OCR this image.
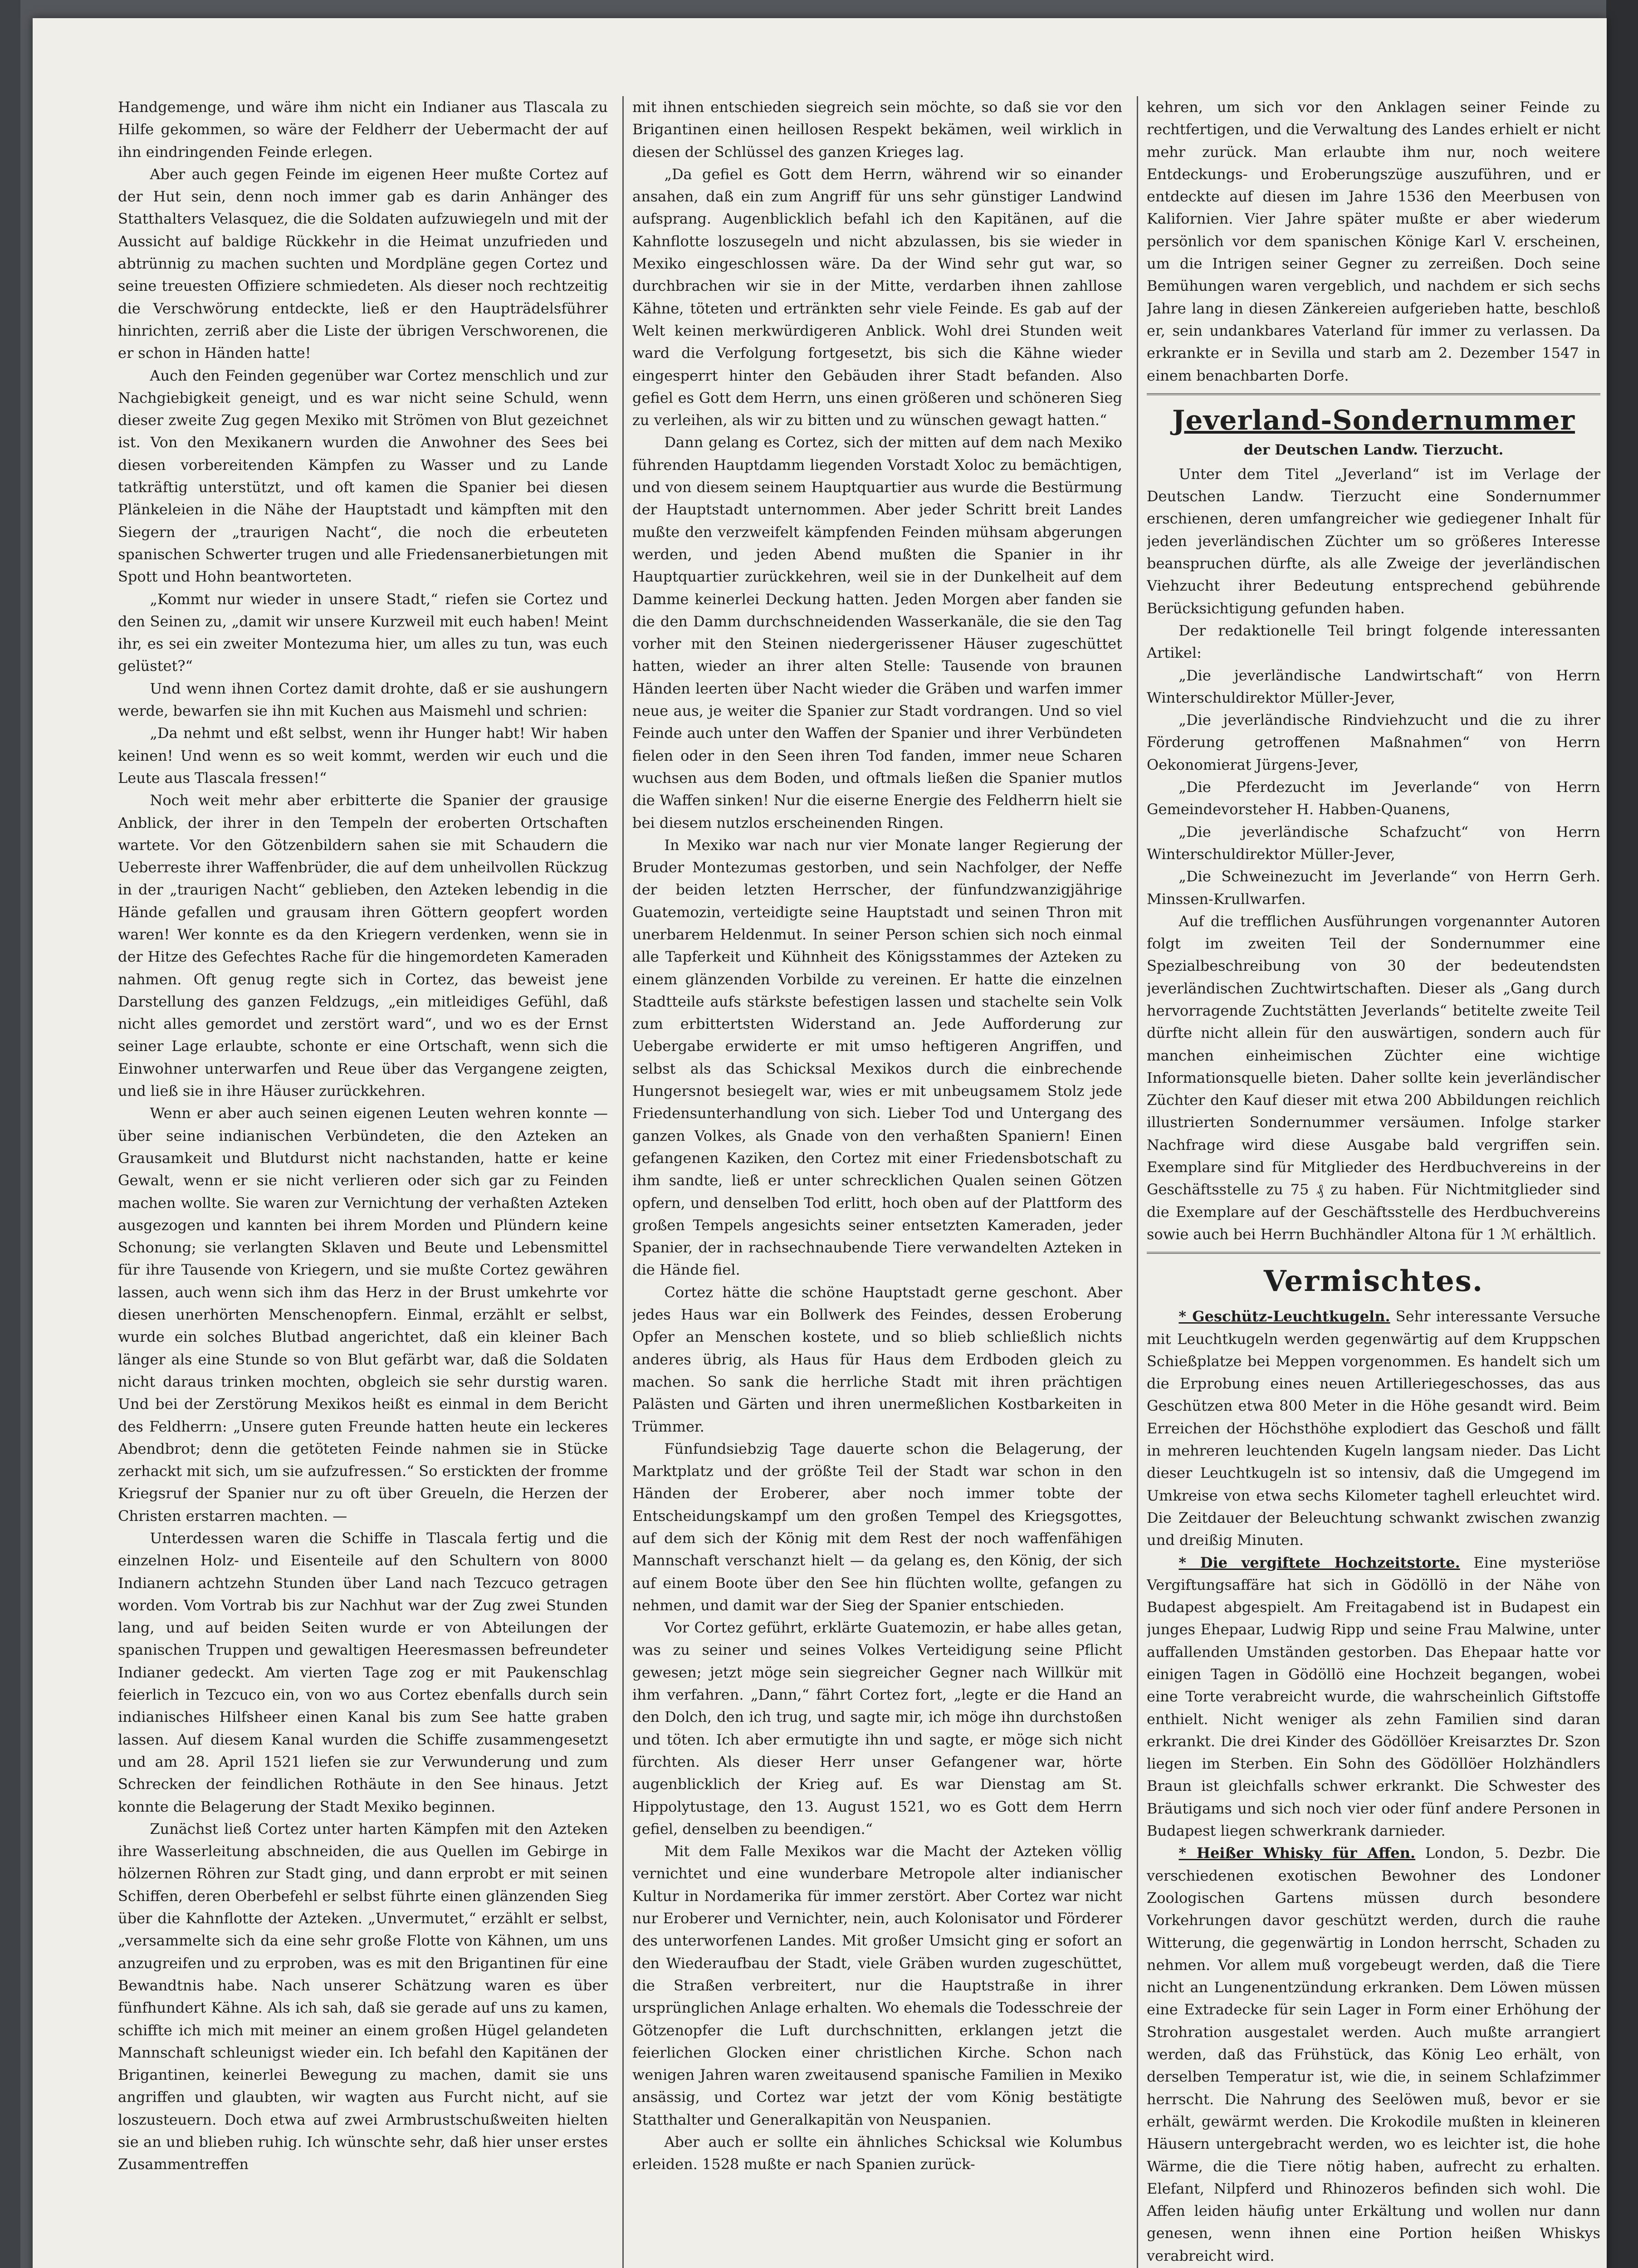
Handgemenge, und wäre ihm nicht ein Indianer aus Tlascala zu Hilfe gekommen, so wäre der Feldherr der Uebermacht der auf ihn eindringenden Feinde erlegen.

Aber auch gegen Feinde im eigenen Heer mußte Cortez auf der Hut sein, denn noch immer gab es darin Anhänger des Statthalters Velasquez, die die Soldaten aufzuwiegeln und mit der Aussicht auf baldige Rückkehr in die Heimat unzufrieden und abtrünnig zu machen suchten und Mordpläne gegen Cortez und seine treuesten Offiziere schmiedeten. Als dieser noch rechtzeitig die Verschwörung entdeckte, ließ er den Haupträdelsführer hinrichten, zerriß aber die Liste der übrigen Verschworenen, die er schon in Händen hatte!

Auch den Feinden gegenüber war Cortez menschlich und zur Nachgiebigkeit geneigt, und es war nicht seine Schuld, wenn dieser zweite Zug gegen Mexiko mit Strömen von Blut gezeichnet ist. Von den Mexikanern wurden die Anwohner des Sees bei diesen vorbereitenden Kämpfen zu Wasser und zu Lande tatkräftig unterstützt, und oft kamen die Spanier bei diesen Plänkeleien in die Nähe der Hauptstadt und kämpften mit den Siegern der „traurigen Nacht“, die noch die erbeuteten spanischen Schwerter trugen und alle Friedensanerbietungen mit Spott und Hohn beantworteten.

„Kommt nur wieder in unsere Stadt,“ riefen sie Cortez und den Seinen zu, „damit wir unsere Kurzweil mit euch haben! Meint ihr, es sei ein zweiter Montezuma hier, um alles zu tun, was euch gelüstet?“

Und wenn ihnen Cortez damit drohte, daß er sie aushungern werde, bewarfen sie ihn mit Kuchen aus Maismehl und schrien:

„Da nehmt und eßt selbst, wenn ihr Hunger habt! Wir haben keinen! Und wenn es so weit kommt, werden wir euch und die Leute aus Tlascala fressen!“

Noch weit mehr aber erbitterte die Spanier der grausige Anblick, der ihrer in den Tempeln der eroberten Ortschaften wartete. Vor den Götzenbildern sahen sie mit Schaudern die Ueberreste ihrer Waffenbrüder, die auf dem unheilvollen Rückzug in der „traurigen Nacht“ geblieben, den Azteken lebendig in die Hände gefallen und grausam ihren Göttern geopfert worden waren! Wer konnte es da den Kriegern verdenken, wenn sie in der Hitze des Gefechtes Rache für die hingemordeten Kameraden nahmen. Oft genug regte sich in Cortez, das beweist jene Darstellung des ganzen Feldzugs, „ein mitleidiges Gefühl, daß nicht alles gemordet und zerstört ward“, und wo es der Ernst seiner Lage erlaubte, schonte er eine Ortschaft, wenn sich die Einwohner unterwarfen und Reue über das Vergangene zeigten, und ließ sie in ihre Häuser zurückkehren.

Wenn er aber auch seinen eigenen Leuten wehren konnte — über seine indianischen Verbündeten, die den Azteken an Grausamkeit und Blutdurst nicht nachstanden, hatte er keine Gewalt, wenn er sie nicht verlieren oder sich gar zu Feinden machen wollte. Sie waren zur Vernichtung der verhaßten Azteken ausgezogen und kannten bei ihrem Morden und Plündern keine Schonung; sie verlangten Sklaven und Beute und Lebensmittel für ihre Tausende von Kriegern, und sie mußte Cortez gewähren lassen, auch wenn sich ihm das Herz in der Brust umkehrte vor diesen unerhörten Menschenopfern. Einmal, erzählt er selbst, wurde ein solches Blutbad angerichtet, daß ein kleiner Bach länger als eine Stunde so von Blut gefärbt war, daß die Soldaten nicht daraus trinken mochten, obgleich sie sehr durstig waren. Und bei der Zerstörung Mexikos heißt es einmal in dem Bericht des Feldherrn: „Unsere guten Freunde hatten heute ein leckeres Abendbrot; denn die getöteten Feinde nahmen sie in Stücke zerhackt mit sich, um sie aufzufressen.“ So erstickten der fromme Kriegsruf der Spanier nur zu oft über Greueln, die Herzen der Christen erstarren machten. —

Unterdessen waren die Schiffe in Tlascala fertig und die einzelnen Holz- und Eisenteile auf den Schultern von 8000 Indianern achtzehn Stunden über Land nach Tezcuco getragen worden. Vom Vortrab bis zur Nachhut war der Zug zwei Stunden lang, und auf beiden Seiten wurde er von Abteilungen der spanischen Truppen und gewaltigen Heeresmassen befreundeter Indianer gedeckt. Am vierten Tage zog er mit Paukenschlag feierlich in Tezcuco ein, von wo aus Cortez ebenfalls durch sein indianisches Hilfsheer einen Kanal bis zum See hatte graben lassen. Auf diesem Kanal wurden die Schiffe zusammengesetzt und am 28. April 1521 liefen sie zur Verwunderung und zum Schrecken der feindlichen Rothäute in den See hinaus. Jetzt konnte die Belagerung der Stadt Mexiko beginnen.

Zunächst ließ Cortez unter harten Kämpfen mit den Azteken ihre Wasserleitung abschneiden, die aus Quellen im Gebirge in hölzernen Röhren zur Stadt ging, und dann erprobt er mit seinen Schiffen, deren Oberbefehl er selbst führte einen glänzenden Sieg über die Kahnflotte der Azteken. „Unvermutet,“ erzählt er selbst, „versammelte sich da eine sehr große Flotte von Kähnen, um uns anzugreifen und zu erproben, was es mit den Brigantinen für eine Bewandtnis habe. Nach unserer Schätzung waren es über fünfhundert Kähne. Als ich sah, daß sie gerade auf uns zu kamen, schiffte ich mich mit meiner an einem großen Hügel gelandeten Mannschaft schleunigst wieder ein. Ich befahl den Kapitänen der Brigantinen, keinerlei Bewegung zu machen, damit sie uns angriffen und glaubten, wir wagten aus Furcht nicht, auf sie loszusteuern. Doch etwa auf zwei Armbrustschußweiten hielten sie an und blieben ruhig. Ich wünschte sehr, daß hier unser erstes Zusammentreffen

mit ihnen entschieden siegreich sein möchte, so daß sie vor den Brigantinen einen heillosen Respekt bekämen, weil wirklich in diesen der Schlüssel des ganzen Krieges lag.

„Da gefiel es Gott dem Herrn, während wir so einander ansahen, daß ein zum Angriff für uns sehr günstiger Landwind aufsprang. Augenblicklich befahl ich den Kapitänen, auf die Kahnflotte loszusegeln und nicht abzulassen, bis sie wieder in Mexiko eingeschlossen wäre. Da der Wind sehr gut war, so durchbrachen wir sie in der Mitte, verdarben ihnen zahllose Kähne, töteten und ertränkten sehr viele Feinde. Es gab auf der Welt keinen merkwürdigeren Anblick. Wohl drei Stunden weit ward die Verfolgung fortgesetzt, bis sich die Kähne wieder eingesperrt hinter den Gebäuden ihrer Stadt befanden. Also gefiel es Gott dem Herrn, uns einen größeren und schöneren Sieg zu verleihen, als wir zu bitten und zu wünschen gewagt hatten.“

Dann gelang es Cortez, sich der mitten auf dem nach Mexiko führenden Hauptdamm liegenden Vorstadt Xoloc zu bemächtigen, und von diesem seinem Hauptquartier aus wurde die Bestürmung der Hauptstadt unternommen. Aber jeder Schritt breit Landes mußte den verzweifelt kämpfenden Feinden mühsam abgerungen werden, und jeden Abend mußten die Spanier in ihr Hauptquartier zurückkehren, weil sie in der Dunkelheit auf dem Damme keinerlei Deckung hatten. Jeden Morgen aber fanden sie die den Damm durchschneidenden Wasserkanäle, die sie den Tag vorher mit den Steinen niedergerissener Häuser zugeschüttet hatten, wieder an ihrer alten Stelle: Tausende von braunen Händen leerten über Nacht wieder die Gräben und warfen immer neue aus, je weiter die Spanier zur Stadt vordrangen. Und so viel Feinde auch unter den Waffen der Spanier und ihrer Verbündeten fielen oder in den Seen ihren Tod fanden, immer neue Scharen wuchsen aus dem Boden, und oftmals ließen die Spanier mutlos die Waffen sinken! Nur die eiserne Energie des Feldherrn hielt sie bei diesem nutzlos erscheinenden Ringen.

In Mexiko war nach nur vier Monate langer Regierung der Bruder Montezumas gestorben, und sein Nachfolger, der Neffe der beiden letzten Herrscher, der fünfundzwanzigjährige Guatemozin, verteidigte seine Hauptstadt und seinen Thron mit unerbarem Heldenmut. In seiner Person schien sich noch einmal alle Tapferkeit und Kühnheit des Königsstammes der Azteken zu einem glänzenden Vorbilde zu vereinen. Er hatte die einzelnen Stadtteile aufs stärkste befestigen lassen und stachelte sein Volk zum erbittertsten Widerstand an. Jede Aufforderung zur Uebergabe erwiderte er mit umso heftigeren Angriffen, und selbst als das Schicksal Mexikos durch die einbrechende Hungersnot besiegelt war, wies er mit unbeugsamem Stolz jede Friedensunterhandlung von sich. Lieber Tod und Untergang des ganzen Volkes, als Gnade von den verhaßten Spaniern! Einen gefangenen Kaziken, den Cortez mit einer Friedensbotschaft zu ihm sandte, ließ er unter schrecklichen Qualen seinen Götzen opfern, und denselben Tod erlitt, hoch oben auf der Plattform des großen Tempels angesichts seiner entsetzten Kameraden, jeder Spanier, der in rachsechnaubende Tiere verwandelten Azteken in die Hände fiel.

Cortez hätte die schöne Hauptstadt gerne geschont. Aber jedes Haus war ein Bollwerk des Feindes, dessen Eroberung Opfer an Menschen kostete, und so blieb schließlich nichts anderes übrig, als Haus für Haus dem Erdboden gleich zu machen. So sank die herrliche Stadt mit ihren prächtigen Palästen und Gärten und ihren unermeßlichen Kostbarkeiten in Trümmer.

Fünfundsiebzig Tage dauerte schon die Belagerung, der Marktplatz und der größte Teil der Stadt war schon in den Händen der Eroberer, aber noch immer tobte der Entscheidungskampf um den großen Tempel des Kriegsgottes, auf dem sich der König mit dem Rest der noch waffenfähigen Mannschaft verschanzt hielt — da gelang es, den König, der sich auf einem Boote über den See hin flüchten wollte, gefangen zu nehmen, und damit war der Sieg der Spanier entschieden.

Vor Cortez geführt, erklärte Guatemozin, er habe alles getan, was zu seiner und seines Volkes Verteidigung seine Pflicht gewesen; jetzt möge sein siegreicher Gegner nach Willkür mit ihm verfahren. „Dann,“ fährt Cortez fort, „legte er die Hand an den Dolch, den ich trug, und sagte mir, ich möge ihn durchstoßen und töten. Ich aber ermutigte ihn und sagte, er möge sich nicht fürchten. Als dieser Herr unser Gefangener war, hörte augenblicklich der Krieg auf. Es war Dienstag am St. Hippolytustage, den 13. August 1521, wo es Gott dem Herrn gefiel, denselben zu beendigen.“

Mit dem Falle Mexikos war die Macht der Azteken völlig vernichtet und eine wunderbare Metropole alter indianischer Kultur in Nordamerika für immer zerstört. Aber Cortez war nicht nur Eroberer und Vernichter, nein, auch Kolonisator und Förderer des unterworfenen Landes. Mit großer Umsicht ging er sofort an den Wiederaufbau der Stadt, viele Gräben wurden zugeschüttet, die Straßen verbreitert, nur die Hauptstraße in ihrer ursprünglichen Anlage erhalten. Wo ehemals die Todesschreie der Götzenopfer die Luft durchschnitten, erklangen jetzt die feierlichen Glocken einer christlichen Kirche. Schon nach wenigen Jahren waren zweitausend spanische Familien in Mexiko ansässig, und Cortez war jetzt der vom König bestätigte Statthalter und Generalkapitän von Neuspanien.

Aber auch er sollte ein ähnliches Schicksal wie Kolumbus erleiden. 1528 mußte er nach Spanien zurück-

kehren, um sich vor den Anklagen seiner Feinde zu rechtfertigen, und die Verwaltung des Landes erhielt er nicht mehr zurück. Man erlaubte ihm nur, noch weitere Entdeckungs- und Eroberungszüge auszuführen, und er entdeckte auf diesen im Jahre 1536 den Meerbusen von Kalifornien. Vier Jahre später mußte er aber wiederum persönlich vor dem spanischen Könige Karl V. erscheinen, um die Intrigen seiner Gegner zu zerreißen. Doch seine Bemühungen waren vergeblich, und nachdem er sich sechs Jahre lang in diesen Zänkereien aufgerieben hatte, beschloß er, sein undankbares Vaterland für immer zu verlassen. Da erkrankte er in Sevilla und starb am 2. Dezember 1547 in einem benachbarten Dorfe.

Jeverland-Sondernummer
der Deutschen Landw. Tierzucht.

Unter dem Titel „Jeverland“ ist im Verlage der Deutschen Landw. Tierzucht eine Sondernummer erschienen, deren umfangreicher wie gediegener Inhalt für jeden jeverländischen Züchter um so größeres Interesse beanspruchen dürfte, als alle Zweige der jeverländischen Viehzucht ihrer Bedeutung entsprechend gebührende Berücksichtigung gefunden haben.

Der redaktionelle Teil bringt folgende interessanten Artikel:

„Die jeverländische Landwirtschaft“ von Herrn Winterschuldirektor Müller-Jever,

„Die jeverländische Rindviehzucht und die zu ihrer Förderung getroffenen Maßnahmen“ von Herrn Oekonomierat Jürgens-Jever,

„Die Pferdezucht im Jeverlande“ von Herrn Gemeindevorsteher H. Habben-Quanens,

„Die jeverländische Schafzucht“ von Herrn Winterschuldirektor Müller-Jever,

„Die Schweinezucht im Jeverlande“ von Herrn Gerh. Minssen-Krullwarfen.

Auf die trefflichen Ausführungen vorgenannter Autoren folgt im zweiten Teil der Sondernummer eine Spezialbeschreibung von 30 der bedeutendsten jeverländischen Zuchtwirtschaften. Dieser als „Gang durch hervorragende Zuchtstätten Jeverlands“ betitelte zweite Teil dürfte nicht allein für den auswärtigen, sondern auch für manchen einheimischen Züchter eine wichtige Informationsquelle bieten. Daher sollte kein jeverländischer Züchter den Kauf dieser mit etwa 200 Abbildungen reichlich illustrierten Sondernummer versäumen. Infolge starker Nachfrage wird diese Ausgabe bald vergriffen sein. Exemplare sind für Mitglieder des Herdbuchvereins in der Geschäftsstelle zu 75 ₰ zu haben. Für Nichtmitglieder sind die Exemplare auf der Geschäftsstelle des Herdbuchvereins sowie auch bei Herrn Buchhändler Altona für 1 ℳ erhältlich.

Vermischtes.

* Geschütz-Leuchtkugeln. Sehr interessante Versuche mit Leuchtkugeln werden gegenwärtig auf dem Kruppschen Schießplatze bei Meppen vorgenommen. Es handelt sich um die Erprobung eines neuen Artilleriegeschosses, das aus Geschützen etwa 800 Meter in die Höhe gesandt wird. Beim Erreichen der Höchsthöhe explodiert das Geschoß und fällt in mehreren leuchtenden Kugeln langsam nieder. Das Licht dieser Leuchtkugeln ist so intensiv, daß die Umgegend im Umkreise von etwa sechs Kilometer taghell erleuchtet wird. Die Zeitdauer der Beleuchtung schwankt zwischen zwanzig und dreißig Minuten.

* Die vergiftete Hochzeitstorte. Eine mysteriöse Vergiftungsaffäre hat sich in Gödöllö in der Nähe von Budapest abgespielt. Am Freitagabend ist in Budapest ein junges Ehepaar, Ludwig Ripp und seine Frau Malwine, unter auffallenden Umständen gestorben. Das Ehepaar hatte vor einigen Tagen in Gödöllö eine Hochzeit begangen, wobei eine Torte verabreicht wurde, die wahrscheinlich Giftstoffe enthielt. Nicht weniger als zehn Familien sind daran erkrankt. Die drei Kinder des Gödöllöer Kreisarztes Dr. Szon liegen im Sterben. Ein Sohn des Gödöllöer Holzhändlers Braun ist gleichfalls schwer erkrankt. Die Schwester des Bräutigams und sich noch vier oder fünf andere Personen in Budapest liegen schwerkrank darnieder.

* Heißer Whisky für Affen. London, 5. Dezbr. Die verschiedenen exotischen Bewohner des Londoner Zoologischen Gartens müssen durch besondere Vorkehrungen davor geschützt werden, durch die rauhe Witterung, die gegenwärtig in London herrscht, Schaden zu nehmen. Vor allem muß vorgebeugt werden, daß die Tiere nicht an Lungenentzündung erkranken. Dem Löwen müssen eine Extradecke für sein Lager in Form einer Erhöhung der Strohration ausgestalet werden. Auch mußte arrangiert werden, daß das Frühstück, das König Leo erhält, von derselben Temperatur ist, wie die, in seinem Schlafzimmer herrscht. Die Nahrung des Seelöwen muß, bevor er sie erhält, gewärmt werden. Die Krokodile mußten in kleineren Häusern untergebracht werden, wo es leichter ist, die hohe Wärme, die die Tiere nötig haben, aufrecht zu erhalten. Elefant, Nilpferd und Rhinozeros befinden sich wohl. Die Affen leiden häufig unter Erkältung und wollen nur dann genesen, wenn ihnen eine Portion heißen Whiskys verabreicht wird.
